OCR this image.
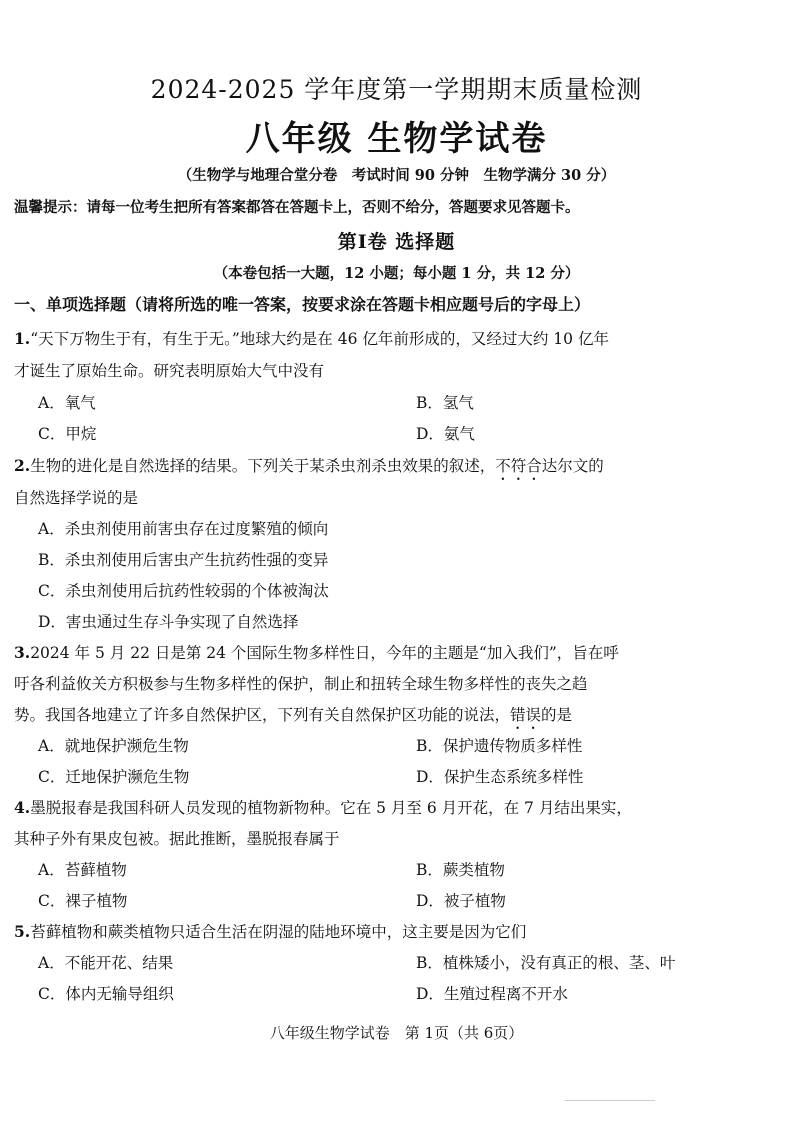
2024-2025 学年度第一学期期末质量检测
八年级 生物学试卷
（生物学与地理合堂分卷　考试时间 90 分钟　生物学满分 30 分）
温馨提示：请每一位考生把所有答案都答在答题卡上，否则不给分，答题要求见答题卡。
第Ⅰ卷 选择题
（本卷包括一大题，12 小题；每小题 1 分，共 12 分）
一、单项选择题（请将所选的唯一答案，按要求涂在答题卡相应题号后的字母上）
1.“天下万物生于有，有生于无。”地球大约是在 46 亿年前形成的，又经过大约 10 亿年
才诞生了原始生命。研究表明原始大气中没有
A．氧气	B．氢气
C．甲烷	D．氨气
2.生物的进化是自然选择的结果。下列关于某杀虫剂杀虫效果的叙述，不符合达尔文的
自然选择学说的是
A．杀虫剂使用前害虫存在过度繁殖的倾向
B．杀虫剂使用后害虫产生抗药性强的变异
C．杀虫剂使用后抗药性较弱的个体被淘汰
D．害虫通过生存斗争实现了自然选择
3.2024 年 5 月 22 日是第 24 个国际生物多样性日，今年的主题是“加入我们”，旨在呼
吁各利益攸关方积极参与生物多样性的保护，制止和扭转全球生物多样性的丧失之趋
势。我国各地建立了许多自然保护区，下列有关自然保护区功能的说法，错误的是
A．就地保护濒危生物	B．保护遗传物质多样性
C．迁地保护濒危生物	D．保护生态系统多样性
4.墨脱报春是我国科研人员发现的植物新物种。它在 5 月至 6 月开花，在 7 月结出果实，
其种子外有果皮包被。据此推断，墨脱报春属于
A．苔藓植物	B．蕨类植物
C．裸子植物	D．被子植物
5.苔藓植物和蕨类植物只适合生活在阴湿的陆地环境中，这主要是因为它们
A．不能开花、结果	B．植株矮小，没有真正的根、茎、叶
C．体内无输导组织	D．生殖过程离不开水
八年级生物学试卷　第 1页（共 6页）
